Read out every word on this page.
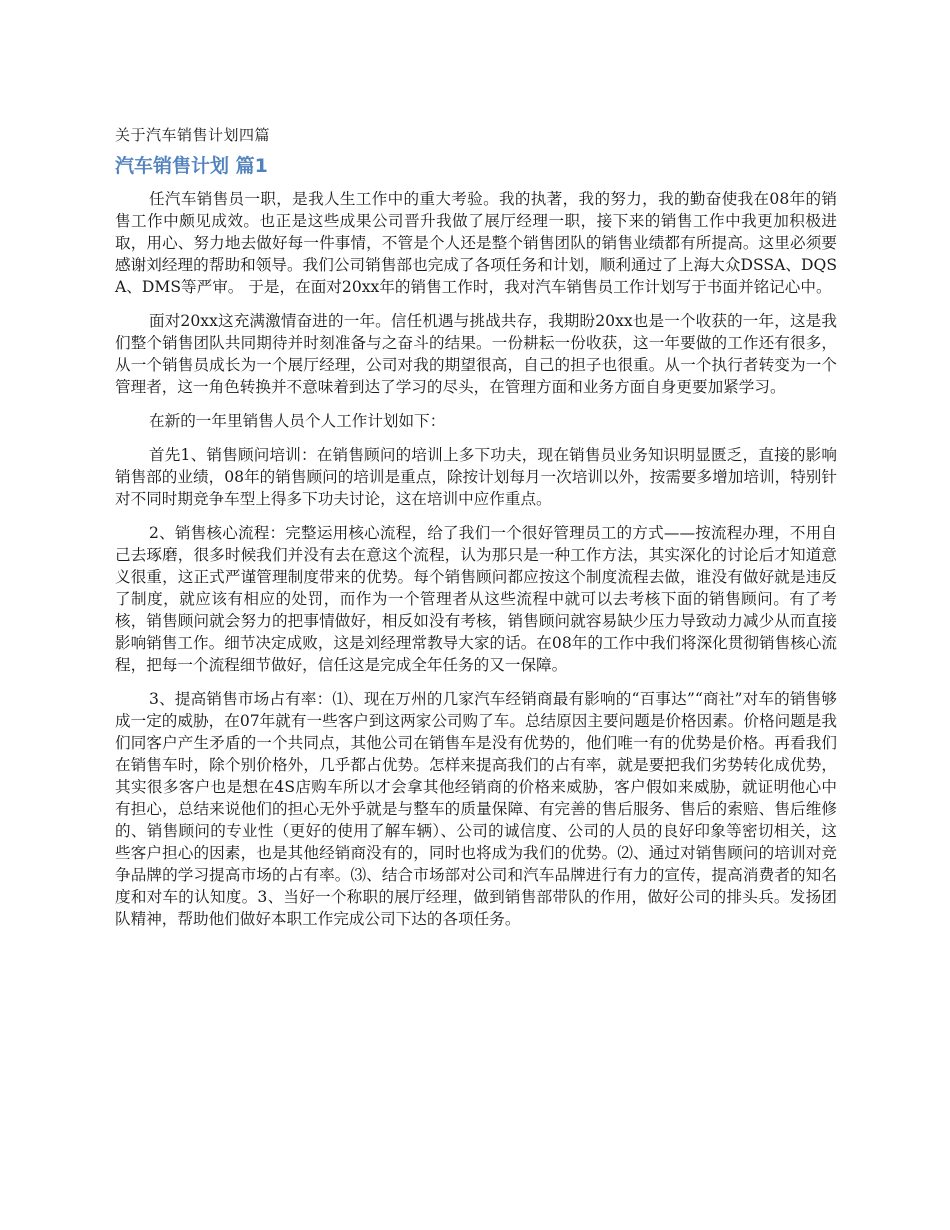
关于汽车销售计划四篇
汽车销售计划 篇1

任汽车销售员一职，是我人生工作中的重大考验。我的执著，我的努力，我的勤奋使我在08年的销售工作中颇见成效。也正是这些成果公司晋升我做了展厅经理一职，接下来的销售工作中我更加积极进取，用心、努力地去做好每一件事情，不管是个人还是整个销售团队的销售业绩都有所提高。这里必须要感谢刘经理的帮助和领导。我们公司销售部也完成了各项任务和计划，顺利通过了上海大众DSSA、DQSA、DMS等严审。 于是，在面对20xx年的销售工作时，我对汽车销售员工作计划写于书面并铭记心中。

面对20xx这充满激情奋进的一年。信任机遇与挑战共存，我期盼20xx也是一个收获的一年，这是我们整个销售团队共同期待并时刻准备与之奋斗的结果。一份耕耘一份收获，这一年要做的工作还有很多，从一个销售员成长为一个展厅经理，公司对我的期望很高，自己的担子也很重。从一个执行者转变为一个管理者，这一角色转换并不意味着到达了学习的尽头，在管理方面和业务方面自身更要加紧学习。

在新的一年里销售人员个人工作计划如下：

首先1、销售顾问培训：在销售顾问的培训上多下功夫，现在销售员业务知识明显匮乏，直接的影响销售部的业绩，08年的销售顾问的培训是重点，除按计划每月一次培训以外，按需要多增加培训，特别针对不同时期竞争车型上得多下功夫讨论，这在培训中应作重点。

2、销售核心流程：完整运用核心流程，给了我们一个很好管理员工的方式——按流程办理，不用自己去琢磨，很多时候我们并没有去在意这个流程，认为那只是一种工作方法，其实深化的讨论后才知道意义很重，这正式严谨管理制度带来的优势。每个销售顾问都应按这个制度流程去做，谁没有做好就是违反了制度，就应该有相应的处罚，而作为一个管理者从这些流程中就可以去考核下面的销售顾问。有了考核，销售顾问就会努力的把事情做好，相反如没有考核，销售顾问就容易缺少压力导致动力减少从而直接影响销售工作。细节决定成败，这是刘经理常教导大家的话。在08年的工作中我们将深化贯彻销售核心流程，把每一个流程细节做好，信任这是完成全年任务的又一保障。

3、提高销售市场占有率：⑴、现在万州的几家汽车经销商最有影响的“百事达”“商社”对车的销售够成一定的威胁，在07年就有一些客户到这两家公司购了车。总结原因主要问题是价格因素。价格问题是我们同客户产生矛盾的一个共同点，其他公司在销售车是没有优势的，他们唯一有的优势是价格。再看我们在销售车时，除个别价格外，几乎都占优势。怎样来提高我们的占有率，就是要把我们劣势转化成优势，其实很多客户也是想在4S店购车所以才会拿其他经销商的价格来威胁，客户假如来威胁，就证明他心中有担心，总结来说他们的担心无外乎就是与整车的质量保障、有完善的售后服务、售后的索赔、售后维修的、销售顾问的专业性（更好的使用了解车辆）、公司的诚信度、公司的人员的良好印象等密切相关，这些客户担心的因素，也是其他经销商没有的，同时也将成为我们的优势。⑵、通过对销售顾问的培训对竞争品牌的学习提高市场的占有率。⑶、结合市场部对公司和汽车品牌进行有力的宣传，提高消费者的知名度和对车的认知度。3、当好一个称职的展厅经理，做到销售部带队的作用，做好公司的排头兵。发扬团队精神，帮助他们做好本职工作完成公司下达的各项任务。
